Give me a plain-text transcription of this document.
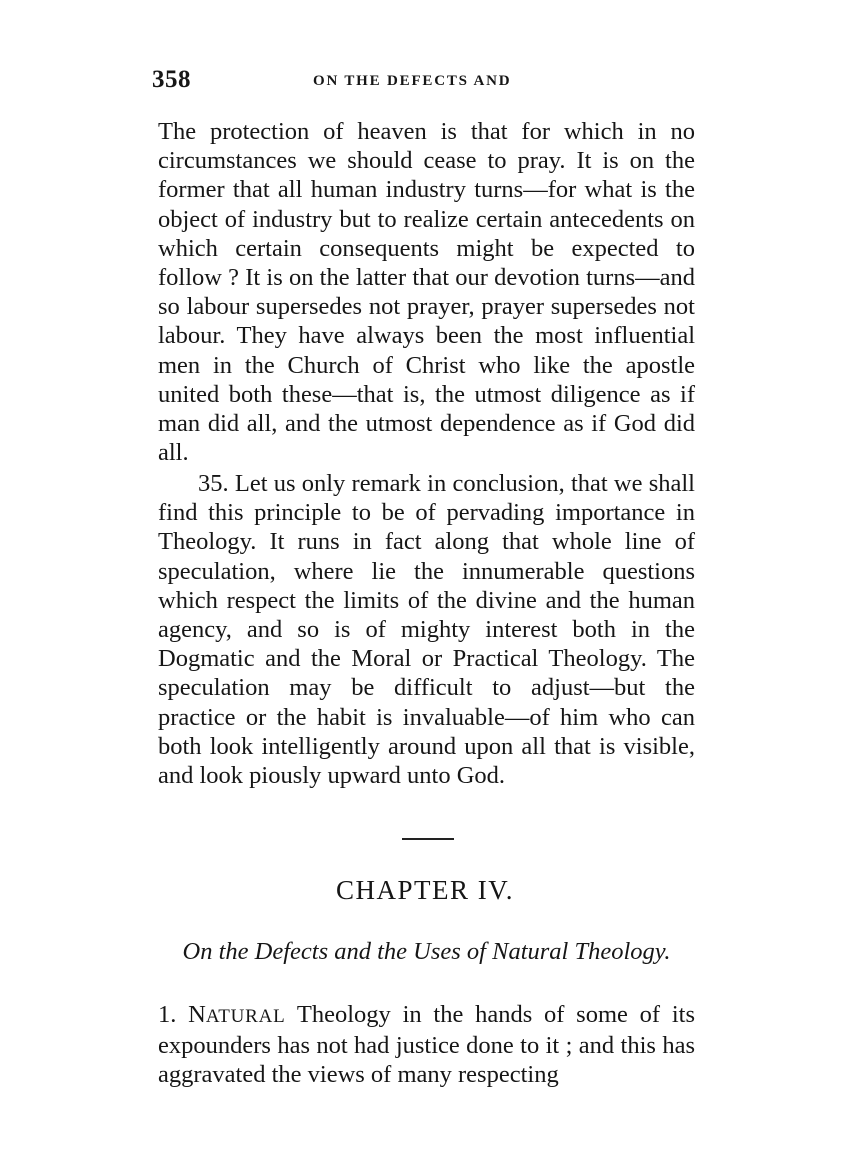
358	ON THE DEFECTS AND

The protection of heaven is that for which in no circumstances we should cease to pray. It is on the former that all human industry turns—for what is the object of industry but to realize certain antecedents on which certain consequents might be expected to follow ? It is on the latter that our devotion turns—and so labour supersedes not prayer, prayer supersedes not labour. They have always been the most influential men in the Church of Christ who like the apostle united both these—that is, the utmost diligence as if man did all, and the utmost dependence as if God did all.

35. Let us only remark in conclusion, that we shall find this principle to be of pervading importance in Theology. It runs in fact along that whole line of speculation, where lie the innumerable questions which respect the limits of the divine and the human agency, and so is of mighty interest both in the Dogmatic and the Moral or Practical Theology. The speculation may be difficult to adjust—but the practice or the habit is invaluable—of him who can both look intelligently around upon all that is visible, and look piously upward unto God.

CHAPTER IV.
On the Defects and the Uses of Natural Theology.

1. NATURAL Theology in the hands of some of its expounders has not had justice done to it ; and this has aggravated the views of many respecting
